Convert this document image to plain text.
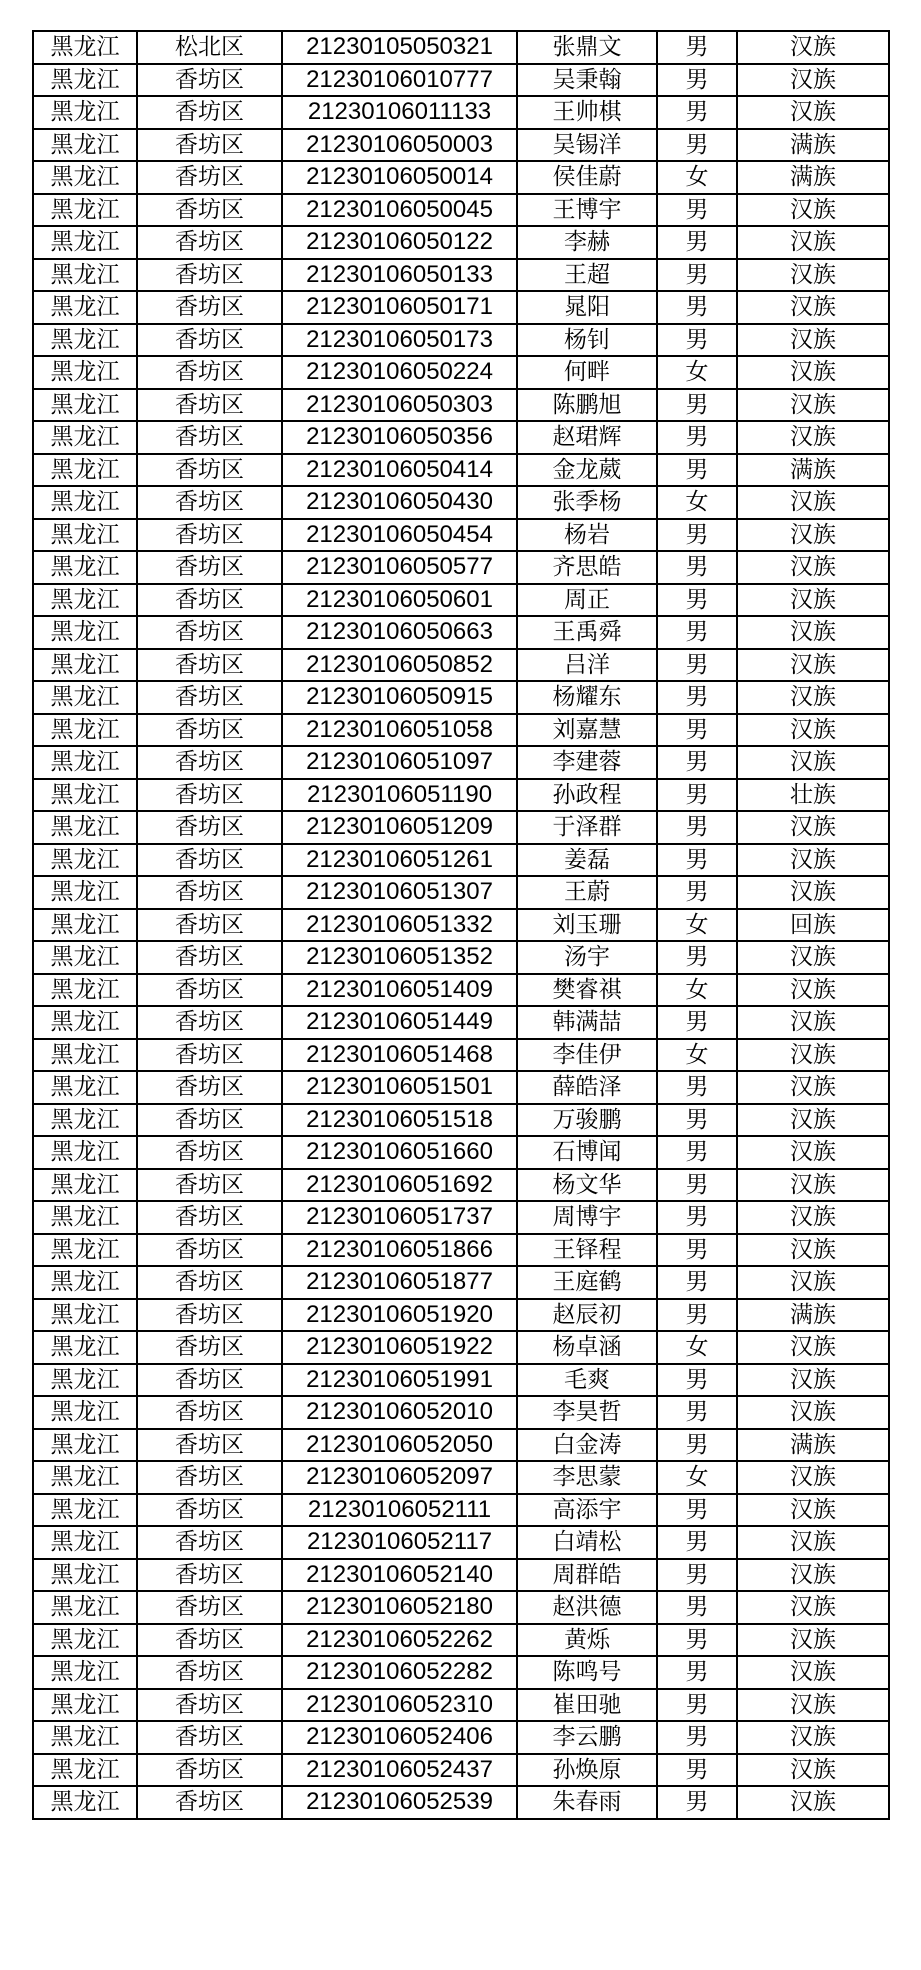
黑龙江	松北区	21230105050321	张鼎文	男	汉族
黑龙江	香坊区	21230106010777	吴秉翰	男	汉族
黑龙江	香坊区	21230106011133	王帅棋	男	汉族
黑龙江	香坊区	21230106050003	吴锡洋	男	满族
黑龙江	香坊区	21230106050014	侯佳蔚	女	满族
黑龙江	香坊区	21230106050045	王博宇	男	汉族
黑龙江	香坊区	21230106050122	李赫	男	汉族
黑龙江	香坊区	21230106050133	王超	男	汉族
黑龙江	香坊区	21230106050171	晁阳	男	汉族
黑龙江	香坊区	21230106050173	杨钊	男	汉族
黑龙江	香坊区	21230106050224	何畔	女	汉族
黑龙江	香坊区	21230106050303	陈鹏旭	男	汉族
黑龙江	香坊区	21230106050356	赵珺辉	男	汉族
黑龙江	香坊区	21230106050414	金龙葳	男	满族
黑龙江	香坊区	21230106050430	张季杨	女	汉族
黑龙江	香坊区	21230106050454	杨岩	男	汉族
黑龙江	香坊区	21230106050577	齐思皓	男	汉族
黑龙江	香坊区	21230106050601	周正	男	汉族
黑龙江	香坊区	21230106050663	王禹舜	男	汉族
黑龙江	香坊区	21230106050852	吕洋	男	汉族
黑龙江	香坊区	21230106050915	杨耀东	男	汉族
黑龙江	香坊区	21230106051058	刘嘉慧	男	汉族
黑龙江	香坊区	21230106051097	李建蓉	男	汉族
黑龙江	香坊区	21230106051190	孙政程	男	壮族
黑龙江	香坊区	21230106051209	于泽群	男	汉族
黑龙江	香坊区	21230106051261	姜磊	男	汉族
黑龙江	香坊区	21230106051307	王蔚	男	汉族
黑龙江	香坊区	21230106051332	刘玉珊	女	回族
黑龙江	香坊区	21230106051352	汤宇	男	汉族
黑龙江	香坊区	21230106051409	樊睿祺	女	汉族
黑龙江	香坊区	21230106051449	韩满喆	男	汉族
黑龙江	香坊区	21230106051468	李佳伊	女	汉族
黑龙江	香坊区	21230106051501	薛皓泽	男	汉族
黑龙江	香坊区	21230106051518	万骏鹏	男	汉族
黑龙江	香坊区	21230106051660	石博闻	男	汉族
黑龙江	香坊区	21230106051692	杨文华	男	汉族
黑龙江	香坊区	21230106051737	周博宇	男	汉族
黑龙江	香坊区	21230106051866	王铎程	男	汉族
黑龙江	香坊区	21230106051877	王庭鹤	男	汉族
黑龙江	香坊区	21230106051920	赵辰初	男	满族
黑龙江	香坊区	21230106051922	杨卓涵	女	汉族
黑龙江	香坊区	21230106051991	毛爽	男	汉族
黑龙江	香坊区	21230106052010	李昊哲	男	汉族
黑龙江	香坊区	21230106052050	白金涛	男	满族
黑龙江	香坊区	21230106052097	李思蒙	女	汉族
黑龙江	香坊区	21230106052111	高添宇	男	汉族
黑龙江	香坊区	21230106052117	白靖松	男	汉族
黑龙江	香坊区	21230106052140	周群皓	男	汉族
黑龙江	香坊区	21230106052180	赵洪德	男	汉族
黑龙江	香坊区	21230106052262	黄烁	男	汉族
黑龙江	香坊区	21230106052282	陈鸣号	男	汉族
黑龙江	香坊区	21230106052310	崔田驰	男	汉族
黑龙江	香坊区	21230106052406	李云鹏	男	汉族
黑龙江	香坊区	21230106052437	孙焕原	男	汉族
黑龙江	香坊区	21230106052539	朱春雨	男	汉族
